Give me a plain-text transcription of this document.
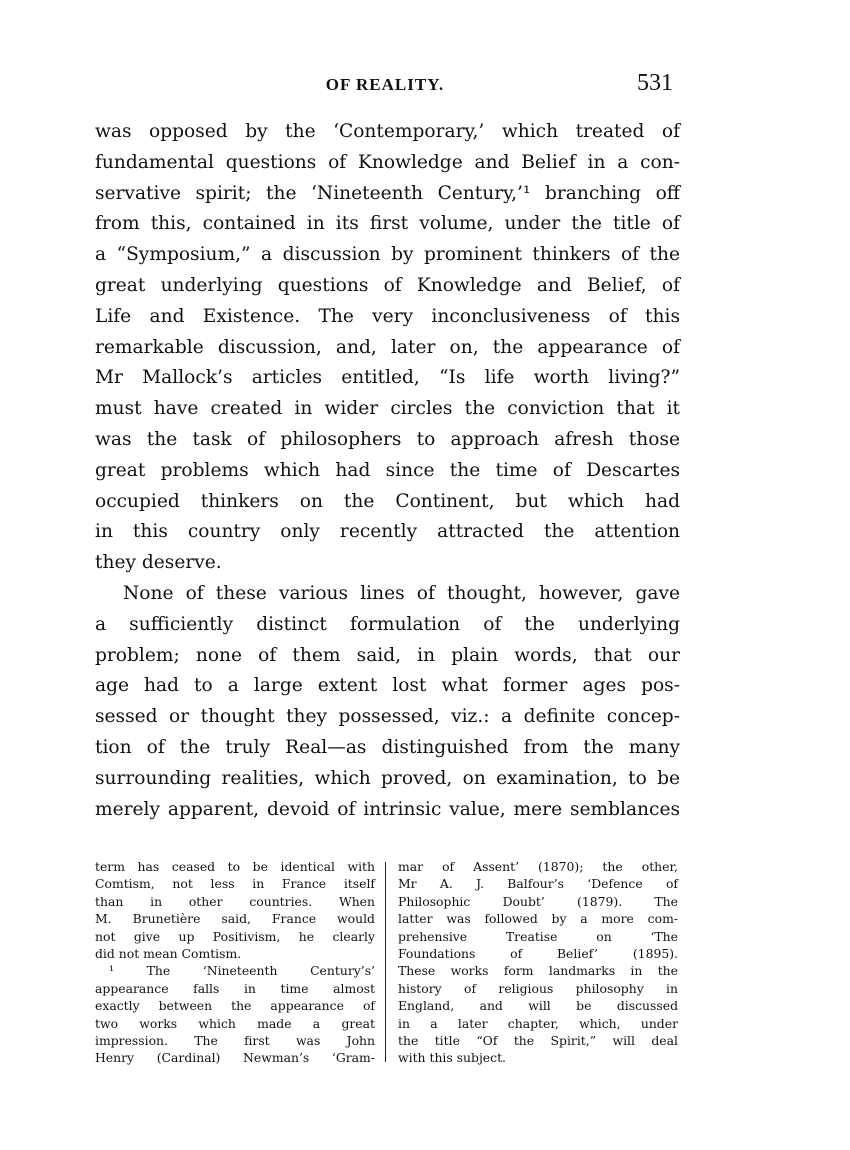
OF REALITY.	531
was opposed by the ‘Contemporary,’ which treated of
fundamental questions of Knowledge and Belief in a con-
servative spirit; the ‘Nineteenth Century,’¹ branching off
from this, contained in its first volume, under the title of
a “Symposium,” a discussion by prominent thinkers of the
great underlying questions of Knowledge and Belief, of
Life and Existence. The very inconclusiveness of this
remarkable discussion, and, later on, the appearance of
Mr Mallock’s articles entitled, “Is life worth living?”
must have created in wider circles the conviction that it
was the task of philosophers to approach afresh those
great problems which had since the time of Descartes
occupied thinkers on the Continent, but which had
in this country only recently attracted the attention
they deserve.
None of these various lines of thought, however, gave
a sufficiently distinct formulation of the underlying
problem; none of them said, in plain words, that our
age had to a large extent lost what former ages pos-
sessed or thought they possessed, viz.: a definite concep-
tion of the truly Real—as distinguished from the many
surrounding realities, which proved, on examination, to be
merely apparent, devoid of intrinsic value, mere semblances
term has ceased to be identical with
Comtism, not less in France itself
than in other countries. When
M. Brunetière said, France would
not give up Positivism, he clearly
did not mean Comtism.
¹ The ‘Nineteenth Century’s’
appearance falls in time almost
exactly between the appearance of
two works which made a great
impression. The first was John
Henry (Cardinal) Newman’s ‘Gram-
mar of Assent’ (1870); the other,
Mr A. J. Balfour’s ‘Defence of
Philosophic Doubt’ (1879). The
latter was followed by a more com-
prehensive Treatise on ‘The
Foundations of Belief’ (1895).
These works form landmarks in the
history of religious philosophy in
England, and will be discussed
in a later chapter, which, under
the title “Of the Spirit,” will deal
with this subject.
